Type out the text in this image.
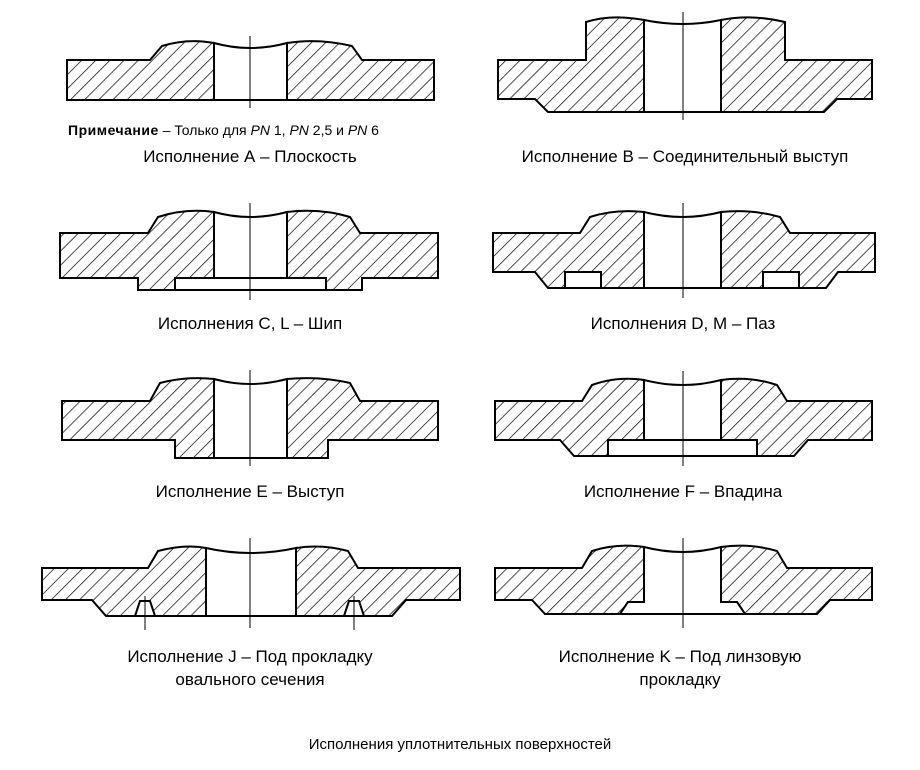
Примечание – Только для PN 1, PN 2,5 и PN 6
Исполнение А – Плоскость	Исполнение В – Соединительный выступ
Исполнения C, L – Шип	Исполнения D, M – Паз
Исполнение E – Выступ	Исполнение F – Впадина
Исполнение J – Под прокладку
овального сечения
Исполнение K – Под линзовую
прокладку
Исполнения уплотнительных поверхностей
